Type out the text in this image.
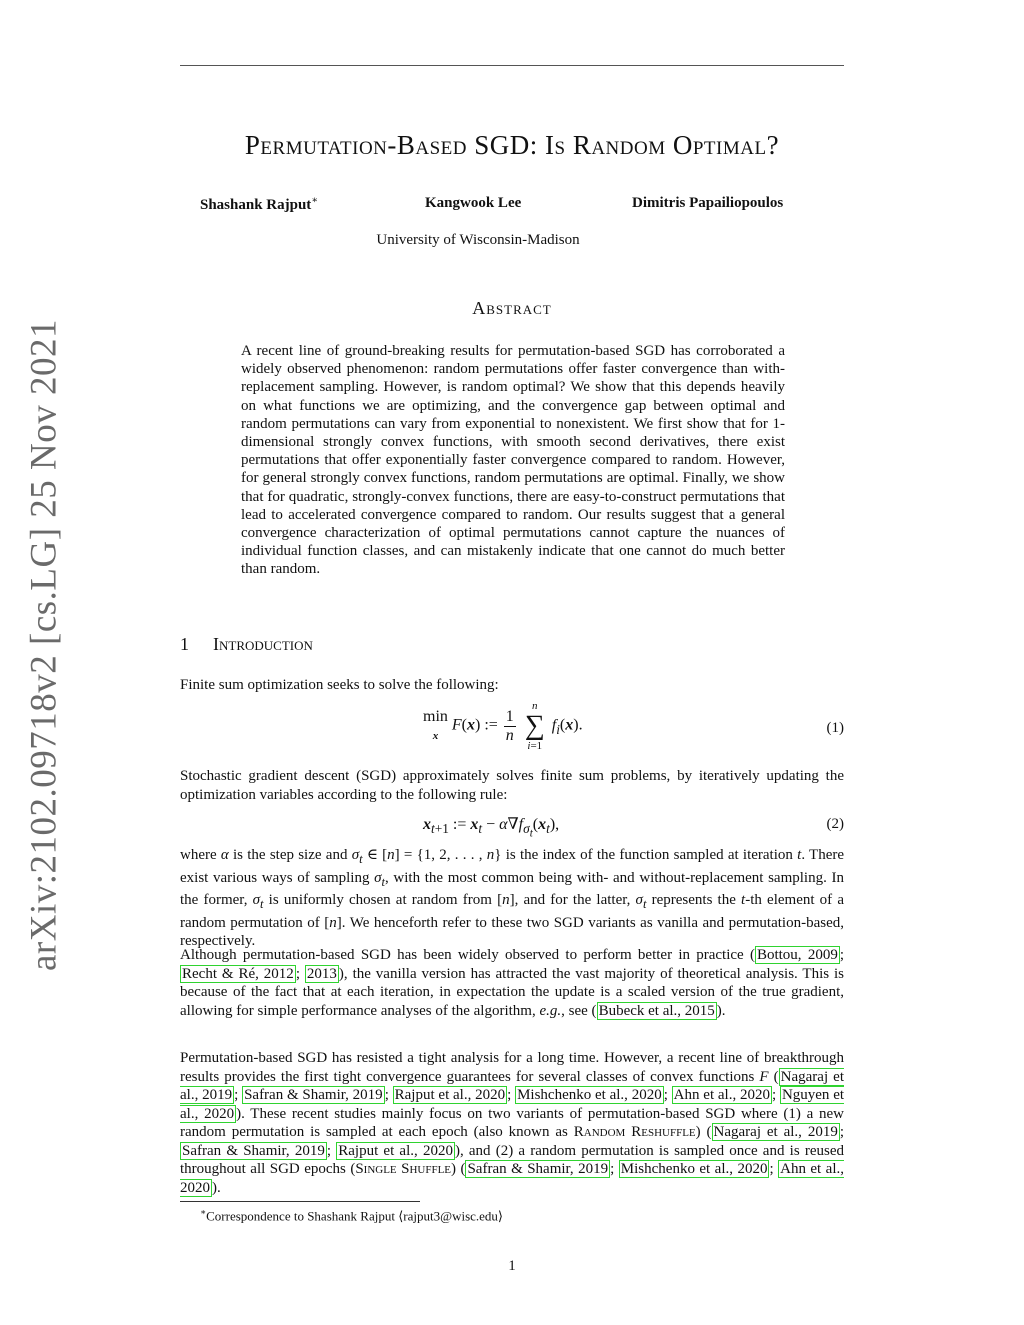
arXiv:2102.09718v2 [cs.LG] 25 Nov 2021
Permutation-Based SGD: Is Random Optimal?
Shashank Rajput∗	Kangwook Lee	Dimitris Papailiopoulos
University of Wisconsin-Madison
Abstract
A recent line of ground-breaking results for permutation-based SGD has corroborated a widely observed phenomenon: random permutations offer faster convergence than with-replacement sampling. However, is random optimal? We show that this depends heavily on what functions we are optimizing, and the convergence gap between optimal and random permutations can vary from exponential to nonexistent. We first show that for 1-dimensional strongly convex functions, with smooth second derivatives, there exist permutations that offer exponentially faster convergence compared to random. However, for general strongly convex functions, random permutations are optimal. Finally, we show that for quadratic, strongly-convex functions, there are easy-to-construct permutations that lead to accelerated convergence compared to random. Our results suggest that a general convergence characterization of optimal permutations cannot capture the nuances of individual function classes, and can mistakenly indicate that one cannot do much better than random.
1 Introduction
Finite sum optimization seeks to solve the following:
min
x F(x) := $\frac{1}{n}$

n
∑
i=1
$f_i(x)$.	(1)
Stochastic gradient descent (SGD) approximately solves finite sum problems, by iteratively updating the optimization variables according to the following rule:
$x_{t+1}$ := $x_t - \alpha\nabla f_{\sigma_t}(x_t)$,	(2)
where α is the step size and $\sigma_t$ ∈ [n] = {1, 2, . . . , n} is the index of the function sampled at iteration t. There exist various ways of sampling $\sigma_t$, with the most common being with- and without-replacement sampling. In the former, $\sigma_t$ is uniformly chosen at random from [n], and for the latter, $\sigma_t$ represents the t-th element of a random permutation of [n]. We henceforth refer to these two SGD variants as vanilla and permutation-based, respectively.
Although permutation-based SGD has been widely observed to perform better in practice ( Bottou, 2009 ; Recht & Ré, 2012 ; 2013 ), the vanilla version has attracted the vast majority of theoretical analysis. This is because of the fact that at each iteration, in expectation the update is a scaled version of the true gradient, allowing for simple performance analyses of the algorithm, e.g., see ( Bubeck et al., 2015 ).
Permutation-based SGD has resisted a tight analysis for a long time. However, a recent line of breakthrough results provides the first tight convergence guarantees for several classes of convex functions F ( Nagaraj et al., 2019 ; Safran & Shamir, 2019 ; Rajput et al., 2020 ; Mishchenko et al., 2020 ; Ahn et al., 2020 ; Nguyen et al., 2020 ). These recent studies mainly focus on two variants of permutation-based SGD where (1) a new random permutation is sampled at each epoch (also known as Random Reshuffle) ( Nagaraj et al., 2019 ; Safran & Shamir, 2019 ; Rajput et al., 2020 ), and (2) a random permutation is sampled once and is reused throughout all SGD epochs (Single Shuffle) ( Safran & Shamir, 2019 ; Mishchenko et al., 2020 ; Ahn et al., 2020 ).
∗Correspondence to Shashank Rajput ⟨rajput3@wisc.edu⟩
1
